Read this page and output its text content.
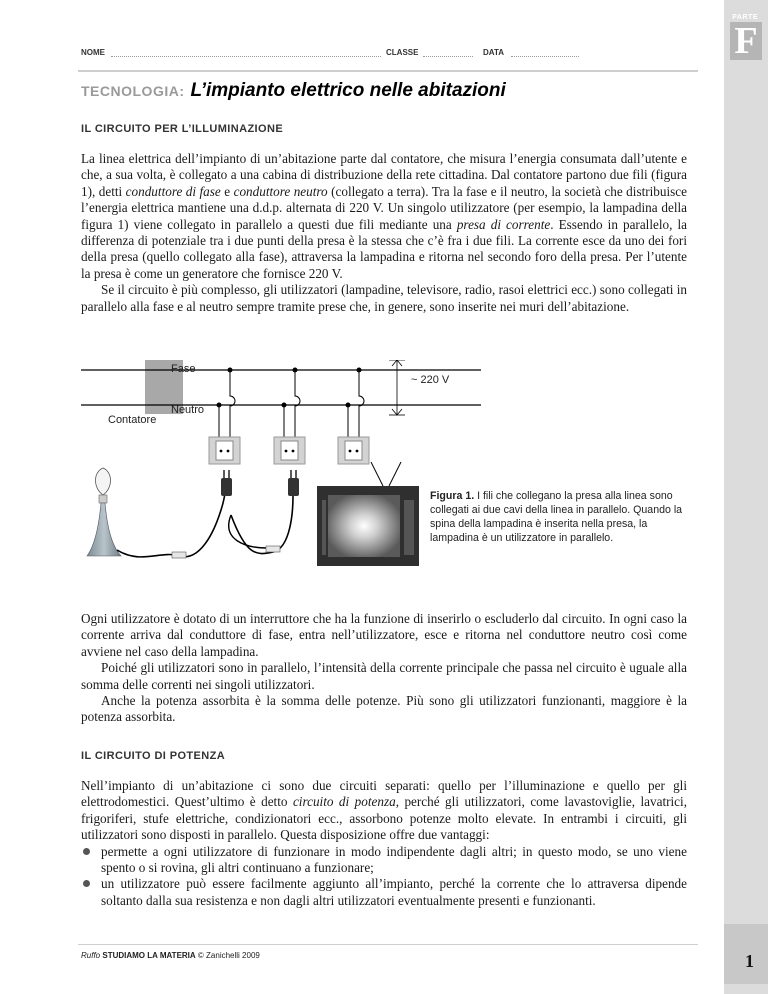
PARTE
F
1
NOME	CLASSE	DATA
TECNOLOGIA: L’impianto elettrico nelle abitazioni
IL CIRCUITO PER L’ILLUMINAZIONE

La linea elettrica dell’impianto di un’abitazione parte dal contatore, che misura l’energia consumata dall’utente e che, a sua volta, è collegato a una cabina di distribuzione della rete cittadina. Dal contatore partono due fili (figura 1), detti conduttore di fase e conduttore neutro (collegato a terra). Tra la fase e il neutro, la società che distribuisce l’energia elettrica mantiene una d.d.p. alternata di 220 V. Un singolo utilizzatore (per esempio, la lampadina della figura 1) viene collegato in parallelo a questi due fili mediante una presa di corrente. Essendo in parallelo, la differenza di potenziale tra i due punti della presa è la stessa che c’è fra i due fili. La corrente esce da uno dei fori della presa (quello collegato alla fase), attraversa la lampadina e ritorna nel secondo foro della presa. Per l’utente la presa è come un generatore che fornisce 220 V.

Se il circuito è più complesso, gli utilizzatori (lampadine, televisore, radio, rasoi elettrici ecc.) sono collegati in parallelo alla fase e al neutro sempre tramite prese che, in genere, sono inserite nei muri dell’abitazione.

Fase
~ 220 V
Neutro
Contatore
Figura 1. I fili che collegano la presa alla linea sono collegati ai due cavi della linea in parallelo. Quando la spina della lampadina è inserita nella presa, la lampadina è un utilizzatore in parallelo.

Ogni utilizzatore è dotato di un interruttore che ha la funzione di inserirlo o escluderlo dal circuito. In ogni caso la corrente arriva dal conduttore di fase, entra nell’utilizzatore, esce e ritorna nel conduttore neutro così come avviene nel caso della lampadina.

Poiché gli utilizzatori sono in parallelo, l’intensità della corrente principale che passa nel circuito è uguale alla somma delle correnti nei singoli utilizzatori.

Anche la potenza assorbita è la somma delle potenze. Più sono gli utilizzatori funzionanti, maggiore è la potenza assorbita.

IL CIRCUITO DI POTENZA

Nell’impianto di un’abitazione ci sono due circuiti separati: quello per l’illuminazione e quello per gli elettrodomestici. Quest’ultimo è detto circuito di potenza, perché gli utilizzatori, come lavastoviglie, lavatrici, frigoriferi, stufe elettriche, condizionatori ecc., assorbono potenze molto elevate. In entrambi i circuiti, gli utilizzatori sono disposti in parallelo. Questa disposizione offre due vantaggi:

permette a ogni utilizzatore di funzionare in modo indipendente dagli altri; in questo modo, se uno viene spento o si rovina, gli altri continuano a funzionare;
un utilizzatore può essere facilmente aggiunto all’impianto, perché la corrente che lo attraversa dipende soltanto dalla sua resistenza e non dagli altri utilizzatori eventualmente presenti e funzionanti.
Ruffo STUDIAMO LA MATERIA © Zanichelli 2009
